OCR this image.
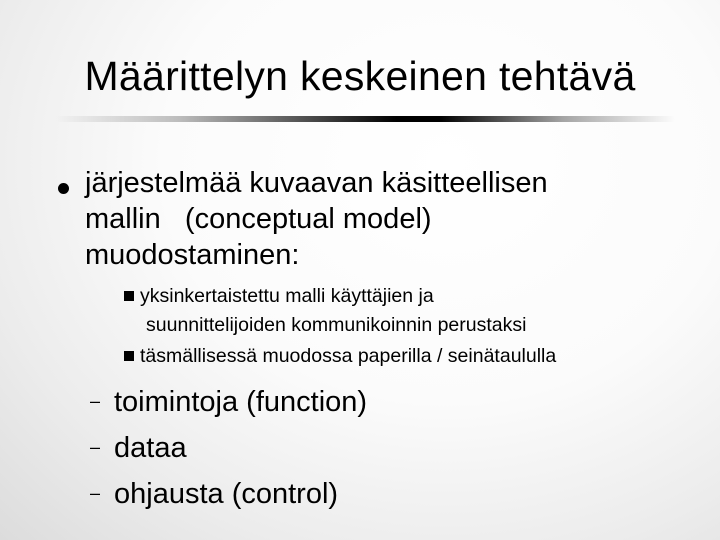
Määrittelyn keskeinen tehtävä
järjestelmää kuvaavan käsitteellisen
mallin   (conceptual model)
muodostaminen:
yksinkertaistettu malli käyttäjien ja
suunnittelijoiden kommunikoinnin perustaksi
täsmällisessä muodossa paperilla / seinätaululla
– toimintoja (function)
– dataa
– ohjausta (control)
